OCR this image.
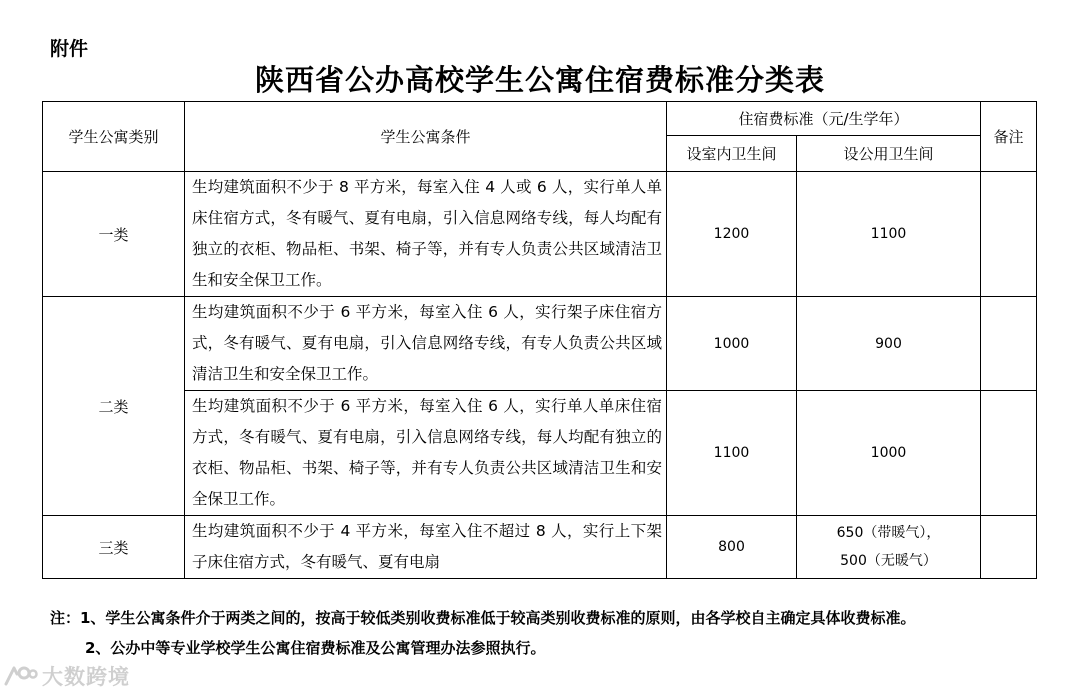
附件
陕西省公办高校学生公寓住宿费标准分类表
学生公寓类别	学生公寓条件	住宿费标准（元/生学年）		备注
		设室内卫生间	设公用卫生间	
一类	生均建筑面积不少于 8 平方米，每室入住 4 人或 6 人，实行单人单床住宿方式，冬有暖气、夏有电扇，引入信息网络专线，每人均配有独立的衣柜、物品柜、书架、椅子等，并有专人负责公共区域清洁卫生和安全保卫工作。	1200	1100	
二类	生均建筑面积不少于 6 平方米，每室入住 6 人，实行架子床住宿方式，冬有暖气、夏有电扇，引入信息网络专线，有专人负责公共区域清洁卫生和安全保卫工作。	1000	900	
	生均建筑面积不少于 6 平方米，每室入住 6 人，实行单人单床住宿方式，冬有暖气、夏有电扇，引入信息网络专线，每人均配有独立的衣柜、物品柜、书架、椅子等，并有专人负责公共区域清洁卫生和安全保卫工作。	1100	1000	
三类	生均建筑面积不少于 4 平方米，每室入住不超过 8 人，实行上下架子床住宿方式，冬有暖气、夏有电扇	800	650（带暖气），
500（无暖气）	

注：1、学生公寓条件介于两类之间的，按高于较低类别收费标准低于较高类别收费标准的原则，由各学校自主确定具体收费标准。
2、公办中等专业学校学生公寓住宿费标准及公寓管理办法参照执行。
大数跨境
